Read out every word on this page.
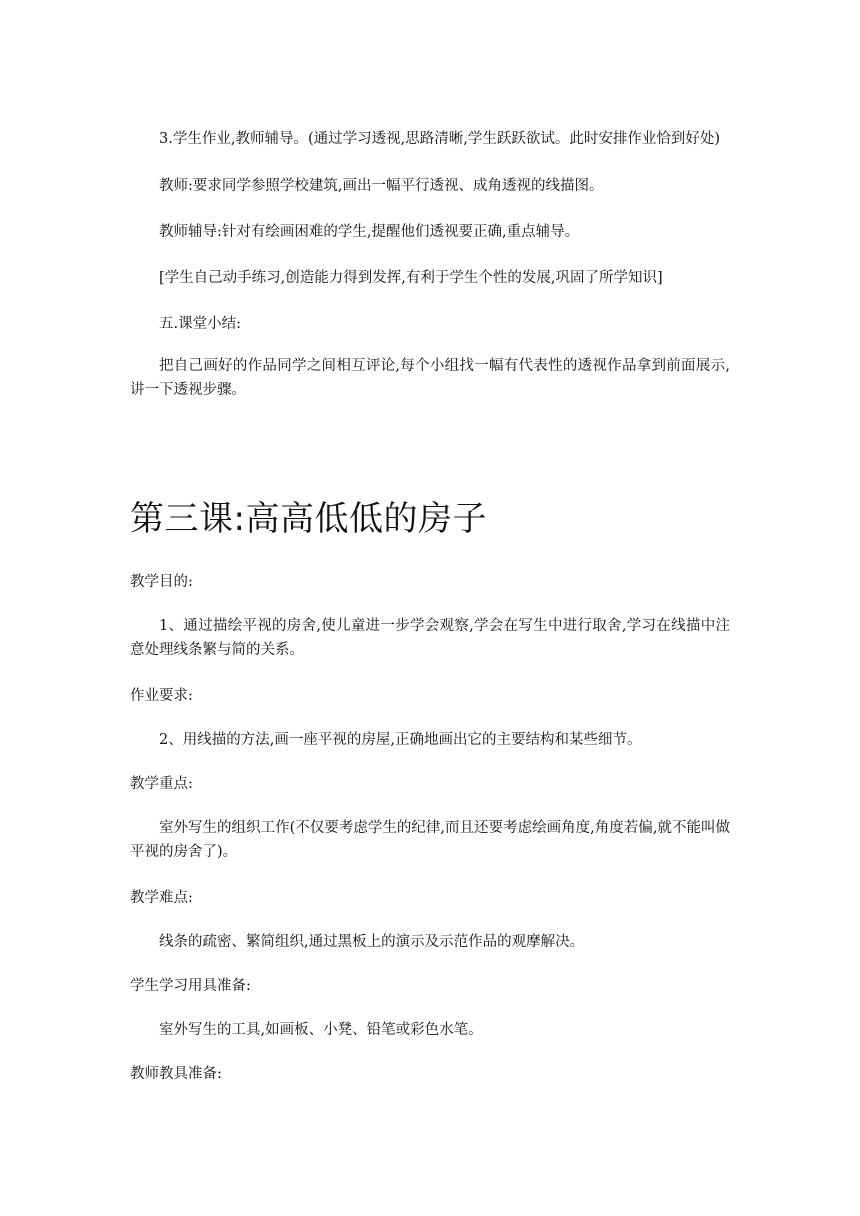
3.学生作业,教师辅导。(通过学习透视,思路清晰,学生跃跃欲试。此时安排作业恰到好处)

教师:要求同学参照学校建筑,画出一幅平行透视、成角透视的线描图。

教师辅导:针对有绘画困难的学生,提醒他们透视要正确,重点辅导。

[学生自己动手练习,创造能力得到发挥,有利于学生个性的发展,巩固了所学知识]

五.课堂小结:

把自己画好的作品同学之间相互评论,每个小组找一幅有代表性的透视作品拿到前面展示,讲一下透视步骤。

第三课:高高低低的房子

教学目的:

1、通过描绘平视的房舍,使儿童进一步学会观察,学会在写生中进行取舍,学习在线描中注意处理线条繁与简的关系。

作业要求:

2、用线描的方法,画一座平视的房屋,正确地画出它的主要结构和某些细节。

教学重点:

室外写生的组织工作(不仅要考虑学生的纪律,而且还要考虑绘画角度,角度若偏,就不能叫做平视的房舍了)。

教学难点:

线条的疏密、繁简组织,通过黑板上的演示及示范作品的观摩解决。

学生学习用具准备:

室外写生的工具,如画板、小凳、铅笔或彩色水笔。

教师教具准备:
